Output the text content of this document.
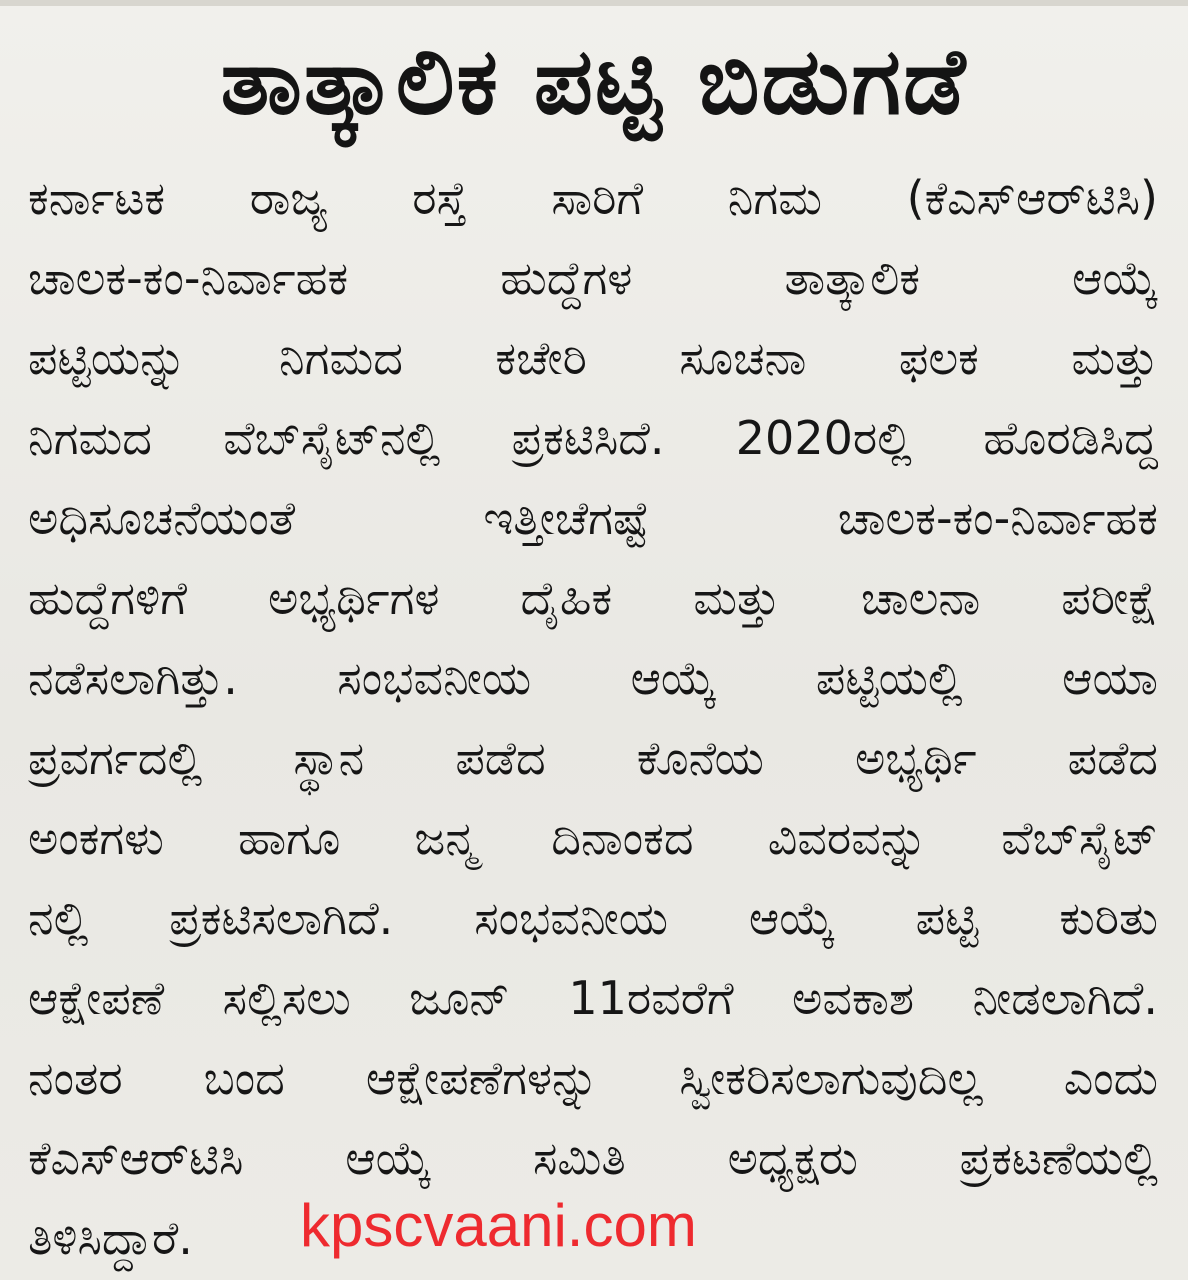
ತಾತ್ಕಾಲಿಕ ಪಟ್ಟಿ ಬಿಡುಗಡೆ
ಕರ್ನಾಟಕ ರಾಜ್ಯ ರಸ್ತೆ ಸಾರಿಗೆ ನಿಗಮ (ಕೆಎಸ್‌ಆರ್‌ಟಿಸಿ)
ಚಾಲಕ-ಕಂ-ನಿರ್ವಾಹಕ ಹುದ್ದೆಗಳ ತಾತ್ಕಾಲಿಕ ಆಯ್ಕೆ
ಪಟ್ಟಿಯನ್ನು ನಿಗಮದ ಕಚೇರಿ ಸೂಚನಾ ಫಲಕ ಮತ್ತು
ನಿಗಮದ ವೆಬ್‌ಸೈಟ್‌ನಲ್ಲಿ ಪ್ರಕಟಿಸಿದೆ. 2020ರಲ್ಲಿ ಹೊರಡಿಸಿದ್ದ
ಅಧಿಸೂಚನೆಯಂತೆ ಇತ್ತೀಚೆಗಷ್ಟೆ ಚಾಲಕ-ಕಂ-ನಿರ್ವಾಹಕ
ಹುದ್ದೆಗಳಿಗೆ ಅಭ್ಯರ್ಥಿಗಳ ದೈಹಿಕ ಮತ್ತು ಚಾಲನಾ ಪರೀಕ್ಷೆ
ನಡೆಸಲಾಗಿತ್ತು. ಸಂಭವನೀಯ ಆಯ್ಕೆ ಪಟ್ಟಿಯಲ್ಲಿ ಆಯಾ
ಪ್ರವರ್ಗದಲ್ಲಿ ಸ್ಥಾನ ಪಡೆದ ಕೊನೆಯ ಅಭ್ಯರ್ಥಿ ಪಡೆದ
ಅಂಕಗಳು ಹಾಗೂ ಜನ್ಮ ದಿನಾಂಕದ ವಿವರವನ್ನು ವೆಬ್‌ಸೈಟ್
ನಲ್ಲಿ ಪ್ರಕಟಿಸಲಾಗಿದೆ. ಸಂಭವನೀಯ ಆಯ್ಕೆ ಪಟ್ಟಿ ಕುರಿತು
ಆಕ್ಷೇಪಣೆ ಸಲ್ಲಿಸಲು ಜೂನ್ 11ರವರೆಗೆ ಅವಕಾಶ ನೀಡಲಾಗಿದೆ.
ನಂತರ ಬಂದ ಆಕ್ಷೇಪಣೆಗಳನ್ನು ಸ್ವೀಕರಿಸಲಾಗುವುದಿಲ್ಲ ಎಂದು
ಕೆಎಸ್‌ಆರ್‌ಟಿಸಿ ಆಯ್ಕೆ ಸಮಿತಿ ಅಧ್ಯಕ್ಷರು ಪ್ರಕಟಣೆಯಲ್ಲಿ
ತಿಳಿಸಿದ್ದಾರೆ.	kpscvaani.com
